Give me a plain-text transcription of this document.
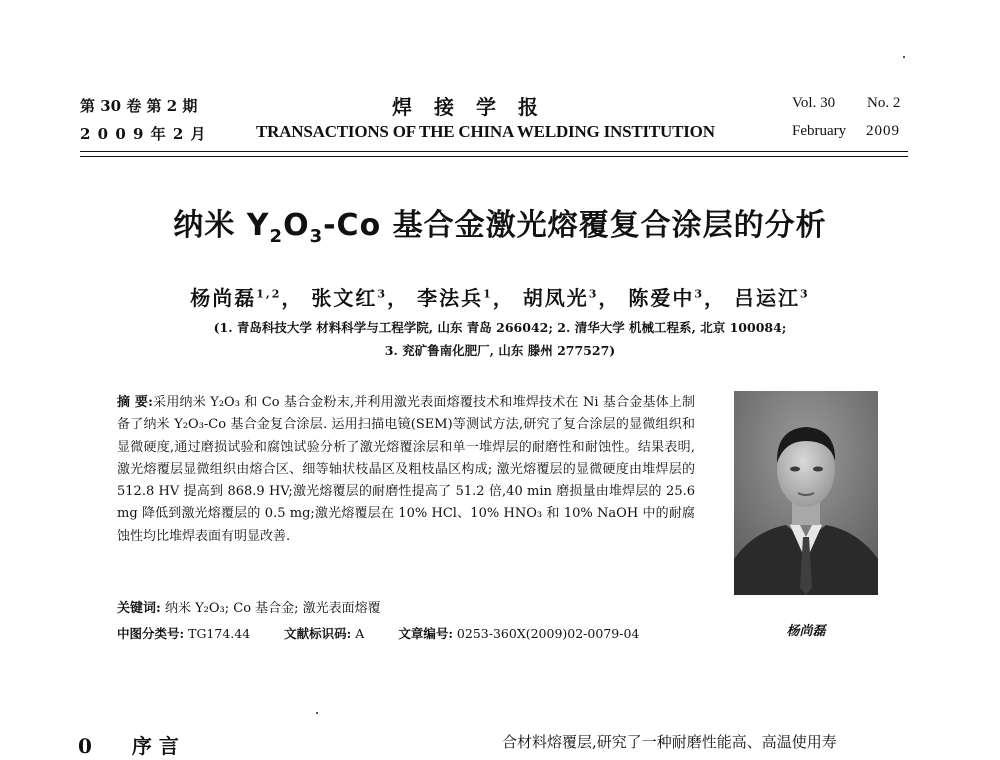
第 30 卷 第 2 期
2 0 0 9 年 2 月
焊接学报
TRANSACTIONS OF THE CHINA WELDING INSTITUTION
Vol. 30 No. 2
February 2009
纳米 $Y_2O_3-Co$ 基合金激光熔覆复合涂层的分析
杨尚磊$^{1,2}$， 张文红$^3$， 李法兵$^1$， 胡凤光$^3$， 陈爱中$^3$， 吕运江$^3$
(1. 青岛科技大学 材料科学与工程学院, 山东 青岛 266042; 2. 清华大学 机械工程系, 北京 100084;
3. 兖矿鲁南化肥厂, 山东 滕州 277527)
摘 要:采用纳米 Y₂O₃ 和 Co 基合金粉末,并利用激光表面熔覆技术和堆焊技术在 Ni 基合金基体上制备了纳米 Y₂O₃-Co 基合金复合涂层. 运用扫描电镜(SEM)等测试方法,研究了复合涂层的显微组织和显微硬度,通过磨损试验和腐蚀试验分析了激光熔覆涂层和单一堆焊层的耐磨性和耐蚀性。结果表明,激光熔覆层显微组织由熔合区、细等轴状枝晶区及粗枝晶区构成; 激光熔覆层的显微硬度由堆焊层的 512.8 HV 提高到 868.9 HV;激光熔覆层的耐磨性提高了 51.2 倍,40 min 磨损量由堆焊层的 25.6 mg 降低到激光熔覆层的 0.5 mg;激光熔覆层在 10% HCl、10% HNO₃ 和 10% NaOH 中的耐腐蚀性均比堆焊表面有明显改善.
关键词: 纳米 Y₂O₃; Co 基合金; 激光表面熔覆
中图分类号: TG174.44	文献标识码: A	文章编号: 0253-360X(2009)02-0079-04	杨尚磊
0 序 言	合材料熔覆层,研究了一种耐磨性能高、高温使用寿
